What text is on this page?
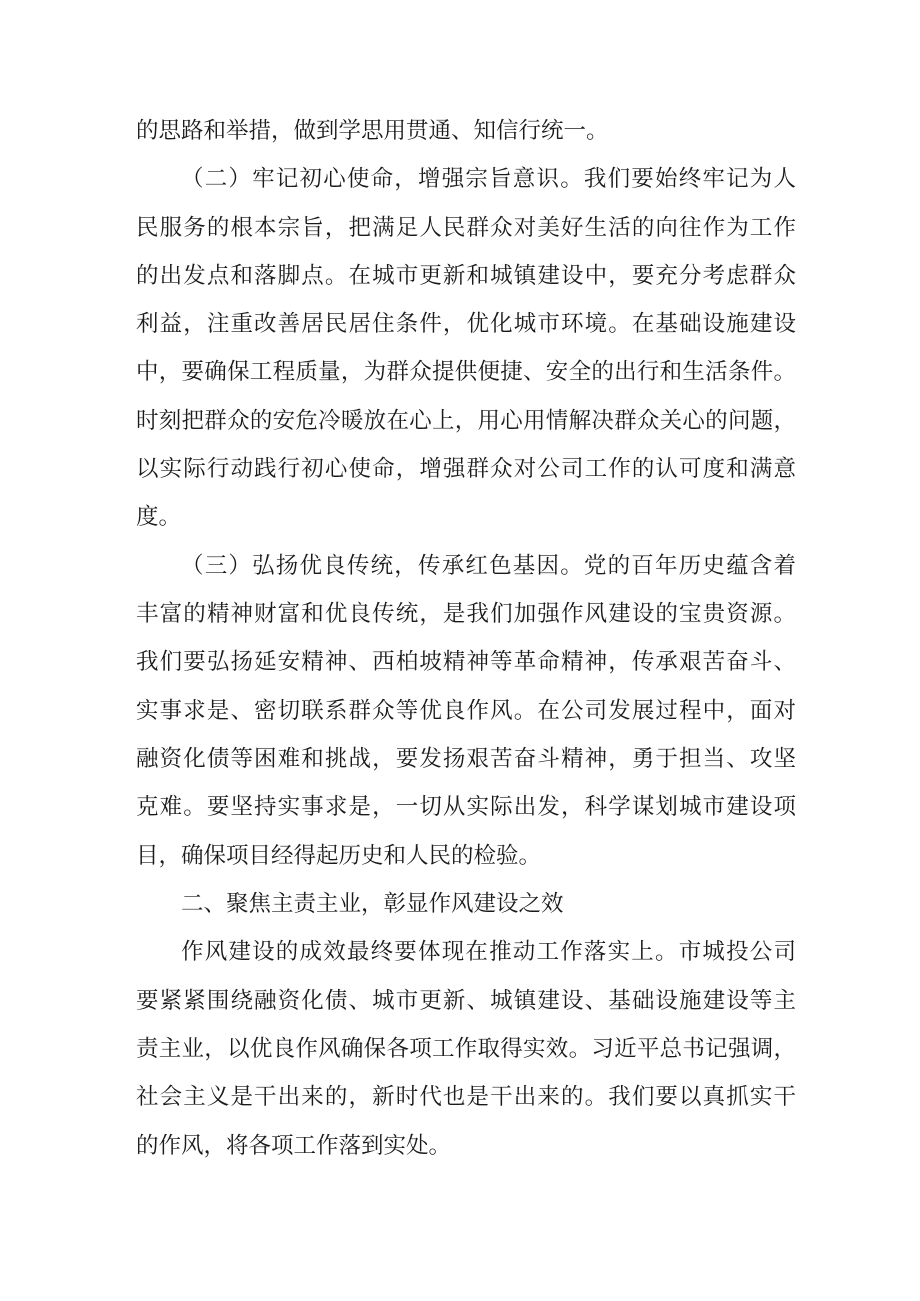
的思路和举措，做到学思用贯通、知信行统一。
（二）牢记初心使命，增强宗旨意识。我们要始终牢记为人
民服务的根本宗旨，把满足人民群众对美好生活的向往作为工作
的出发点和落脚点。在城市更新和城镇建设中，要充分考虑群众
利益，注重改善居民居住条件，优化城市环境。在基础设施建设
中，要确保工程质量，为群众提供便捷、安全的出行和生活条件。
时刻把群众的安危冷暖放在心上，用心用情解决群众关心的问题，
以实际行动践行初心使命，增强群众对公司工作的认可度和满意
度。
（三）弘扬优良传统，传承红色基因。党的百年历史蕴含着
丰富的精神财富和优良传统，是我们加强作风建设的宝贵资源。
我们要弘扬延安精神、西柏坡精神等革命精神，传承艰苦奋斗、
实事求是、密切联系群众等优良作风。在公司发展过程中，面对
融资化债等困难和挑战，要发扬艰苦奋斗精神，勇于担当、攻坚
克难。要坚持实事求是，一切从实际出发，科学谋划城市建设项
目，确保项目经得起历史和人民的检验。
二、聚焦主责主业，彰显作风建设之效
作风建设的成效最终要体现在推动工作落实上。市城投公司
要紧紧围绕融资化债、城市更新、城镇建设、基础设施建设等主
责主业，以优良作风确保各项工作取得实效。习近平总书记强调，
社会主义是干出来的，新时代也是干出来的。我们要以真抓实干
的作风，将各项工作落到实处。
